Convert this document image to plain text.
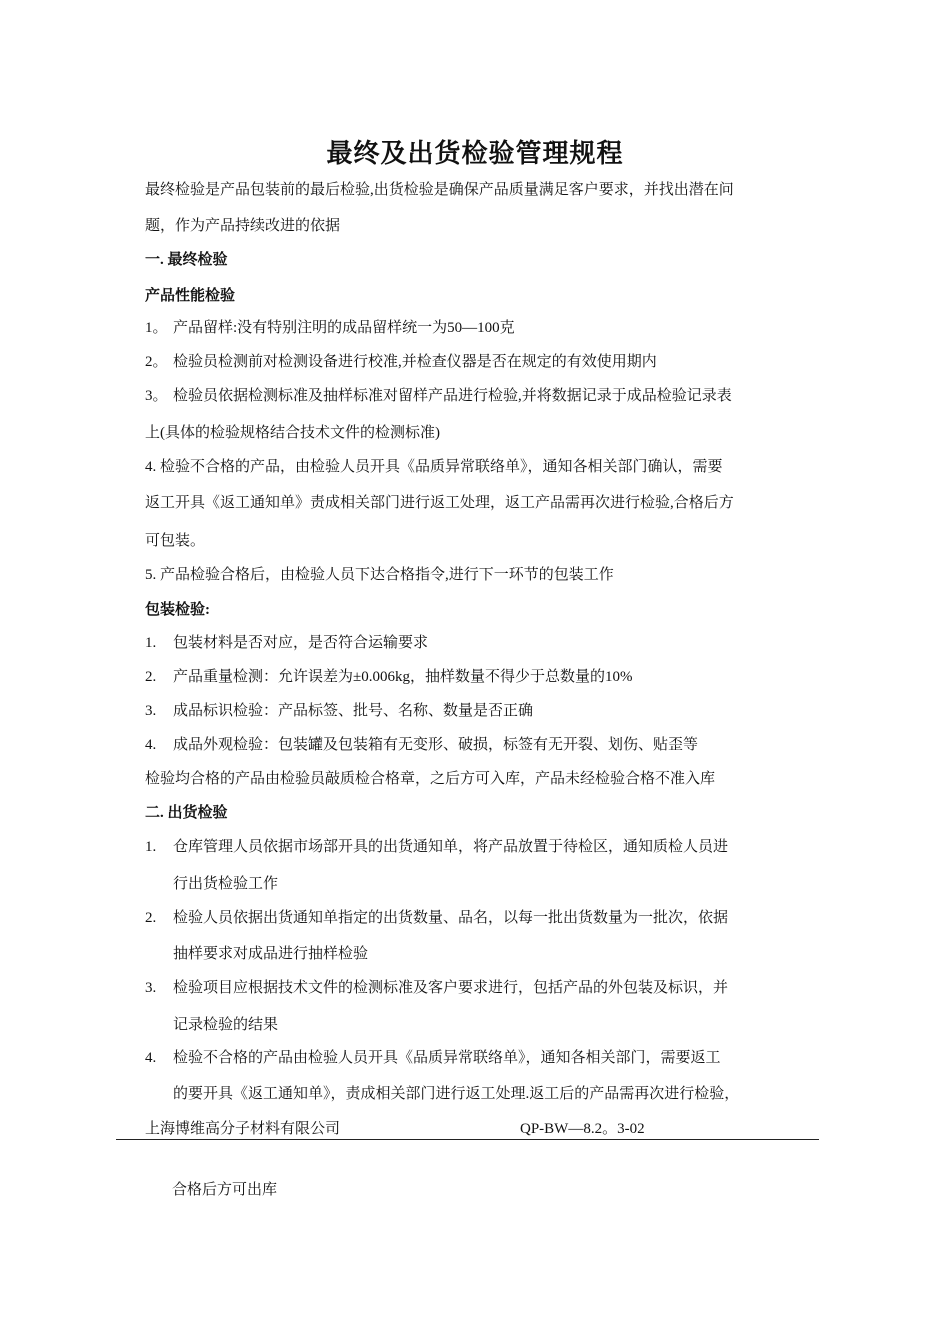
最终及出货检验管理规程
最终检验是产品包装前的最后检验,出货检验是确保产品质量满足客户要求，并找出潜在问
题，作为产品持续改进的依据
一. 最终检验
产品性能检验
1。 产品留样:没有特别注明的成品留样统一为50—100克
2。 检验员检测前对检测设备进行校准,并检查仪器是否在规定的有效使用期内
3。 检验员依据检测标准及抽样标准对留样产品进行检验,并将数据记录于成品检验记录表
上(具体的检验规格结合技术文件的检测标准)
4. 检验不合格的产品，由检验人员开具《品质异常联络单》，通知各相关部门确认，需要
返工开具《返工通知单》责成相关部门进行返工处理，返工产品需再次进行检验,合格后方
可包装。
5. 产品检验合格后，由检验人员下达合格指令,进行下一环节的包装工作
包装检验:
1. 包装材料是否对应，是否符合运输要求
2. 产品重量检测：允许误差为±0.006kg，抽样数量不得少于总数量的10%
3. 成品标识检验：产品标签、批号、名称、数量是否正确
4. 成品外观检验：包装罐及包装箱有无变形、破损，标签有无开裂、划伤、贴歪等
检验均合格的产品由检验员敲质检合格章，之后方可入库，产品未经检验合格不准入库
二. 出货检验
1. 仓库管理人员依据市场部开具的出货通知单，将产品放置于待检区，通知质检人员进
行出货检验工作
2. 检验人员依据出货通知单指定的出货数量、品名，以每一批出货数量为一批次，依据
抽样要求对成品进行抽样检验
3. 检验项目应根据技术文件的检测标准及客户要求进行，包括产品的外包装及标识，并
记录检验的结果
4. 检验不合格的产品由检验人员开具《品质异常联络单》，通知各相关部门，需要返工
的要开具《返工通知单》，责成相关部门进行返工处理.返工后的产品需再次进行检验，
上海博维高分子材料有限公司	QP-BW—8.2。3-02
合格后方可出库
